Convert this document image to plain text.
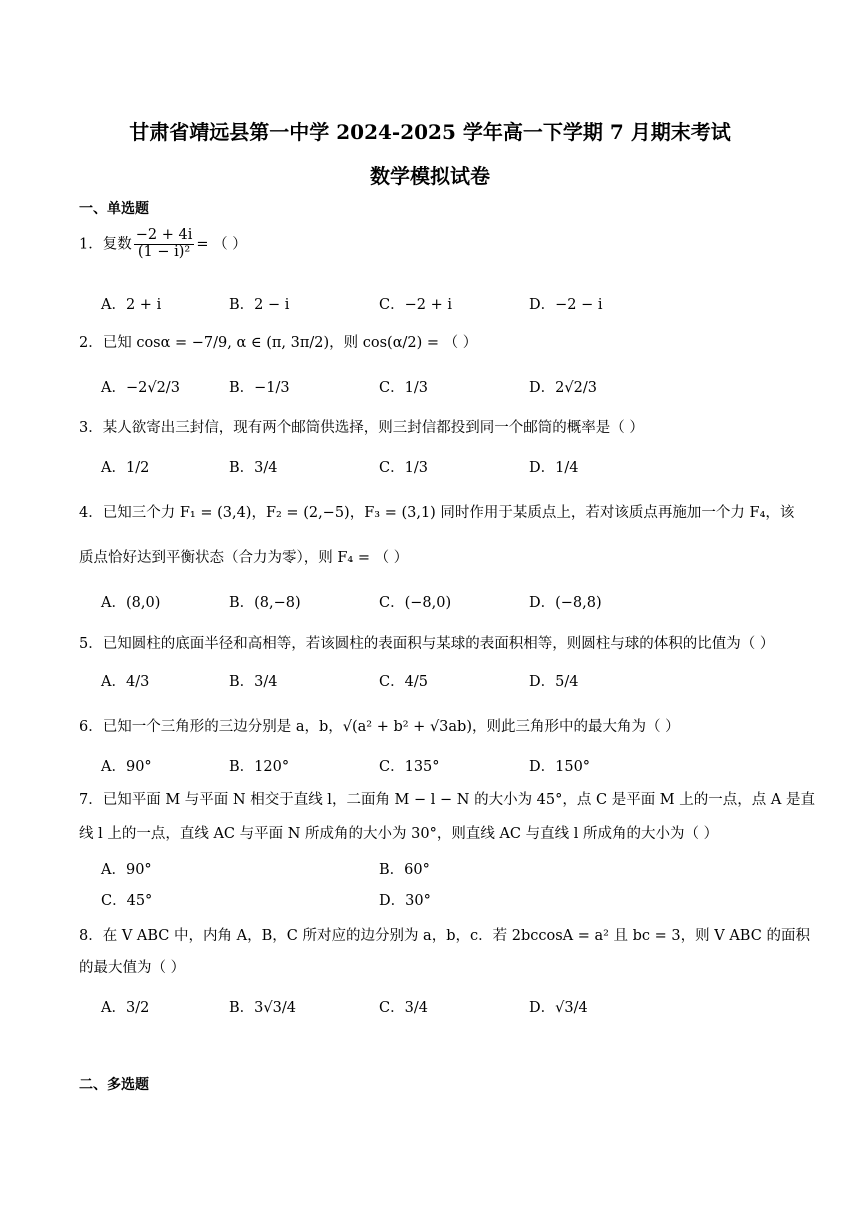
甘肃省靖远县第一中学 2024-2025 学年高一下学期 7 月期末考试
数学模拟试卷
一、单选题
1．复数 $\frac{-2 + 4i}{\text{(1 − i)²}}$ = （ ）
A．2 + i	B．2 − i	C．−2 + i	D．−2 − i
2．已知 cosα = −7/9, α ∈ (π, 3π/2)，则 cos(α/2) = （ ）
A．−2√2/3	B．−1/3	C．1/3	D．2√2/3
3．某人欲寄出三封信，现有两个邮筒供选择，则三封信都投到同一个邮筒的概率是（ ）
A．1/2	B．3/4	C．1/3	D．1/4
4．已知三个力 F₁ = (3,4)，F₂ = (2,−5)，F₃ = (3,1) 同时作用于某质点上，若对该质点再施加一个力 F₄，该
质点恰好达到平衡状态（合力为零），则 F₄ = （ ）
A．(8,0)	B．(8,−8)	C．(−8,0)	D．(−8,8)
5．已知圆柱的底面半径和高相等，若该圆柱的表面积与某球的表面积相等，则圆柱与球的体积的比值为（ ）
A．4/3	B．3/4	C．4/5	D．5/4
6．已知一个三角形的三边分别是 a，b，√(a² + b² + √3ab)，则此三角形中的最大角为（ ）
A．90°	B．120°	C．135°	D．150°
7．已知平面 M 与平面 N 相交于直线 l，二面角 M − l − N 的大小为 45°，点 C 是平面 M 上的一点，点 A 是直
线 l 上的一点，直线 AC 与平面 N 所成角的大小为 30°，则直线 AC 与直线 l 所成角的大小为（ ）
A．90°	B．60°
C．45°	D．30°
8．在 V ABC 中，内角 A，B，C 所对应的边分别为 a，b，c．若 2bccosA = a² 且 bc = 3，则 V ABC 的面积
的最大值为（ ）
A．3/2	B．3√3/4	C．3/4	D．√3/4
二、多选题
